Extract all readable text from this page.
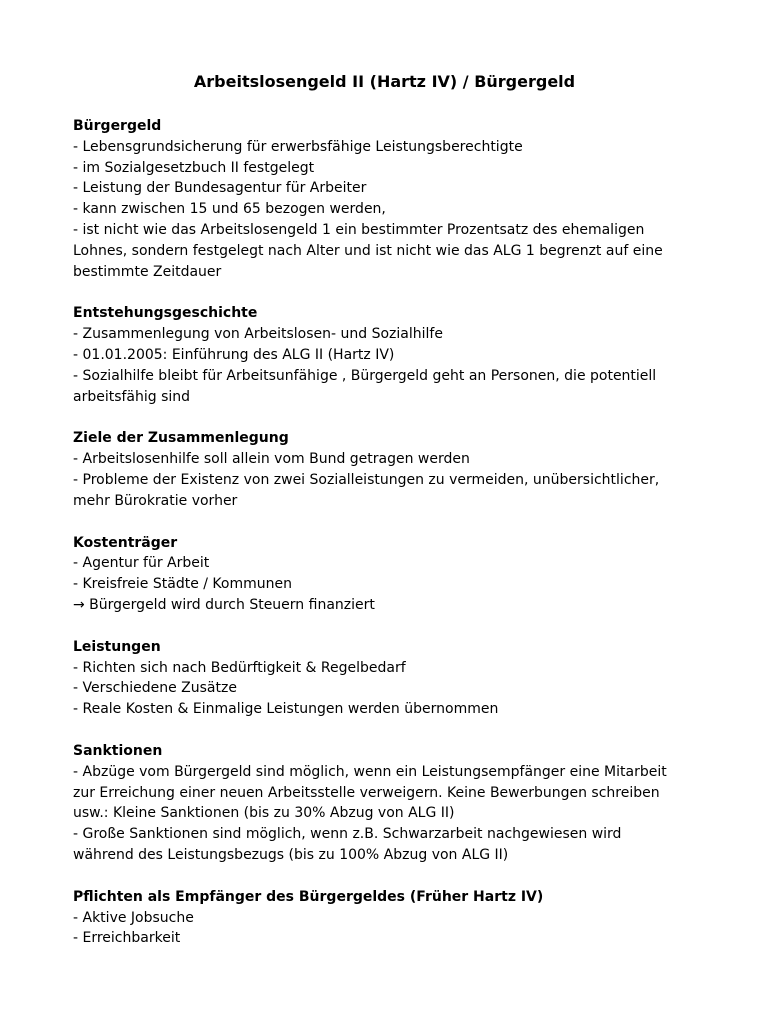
Arbeitslosengeld II (Hartz IV) / Bürgergeld

Bürgergeld

- Lebensgrundsicherung für erwerbsfähige Leistungsberechtigte

- im Sozialgesetzbuch II festgelegt

- Leistung der Bundesagentur für Arbeiter

- kann zwischen 15 und 65 bezogen werden,

- ist nicht wie das Arbeitslosengeld 1 ein bestimmter Prozentsatz des ehemaligen

Lohnes, sondern festgelegt nach Alter und ist nicht wie das ALG 1 begrenzt auf eine

bestimmte Zeitdauer

Entstehungsgeschichte

- Zusammenlegung von Arbeitslosen- und Sozialhilfe

- 01.01.2005: Einführung des ALG II (Hartz IV)

- Sozialhilfe bleibt für Arbeitsunfähige , Bürgergeld geht an Personen, die potentiell

arbeitsfähig sind

Ziele der Zusammenlegung

- Arbeitslosenhilfe soll allein vom Bund getragen werden

- Probleme der Existenz von zwei Sozialleistungen zu vermeiden, unübersichtlicher,

mehr Bürokratie vorher

Kostenträger

- Agentur für Arbeit

- Kreisfreie Städte / Kommunen

→ Bürgergeld wird durch Steuern finanziert

Leistungen

- Richten sich nach Bedürftigkeit & Regelbedarf

- Verschiedene Zusätze

- Reale Kosten & Einmalige Leistungen werden übernommen

Sanktionen

- Abzüge vom Bürgergeld sind möglich, wenn ein Leistungsempfänger eine Mitarbeit

zur Erreichung einer neuen Arbeitsstelle verweigern. Keine Bewerbungen schreiben

usw.: Kleine Sanktionen (bis zu 30% Abzug von ALG II)

- Große Sanktionen sind möglich, wenn z.B. Schwarzarbeit nachgewiesen wird

während des Leistungsbezugs (bis zu 100% Abzug von ALG II)

Pflichten als Empfänger des Bürgergeldes (Früher Hartz IV)

- Aktive Jobsuche

- Erreichbarkeit
